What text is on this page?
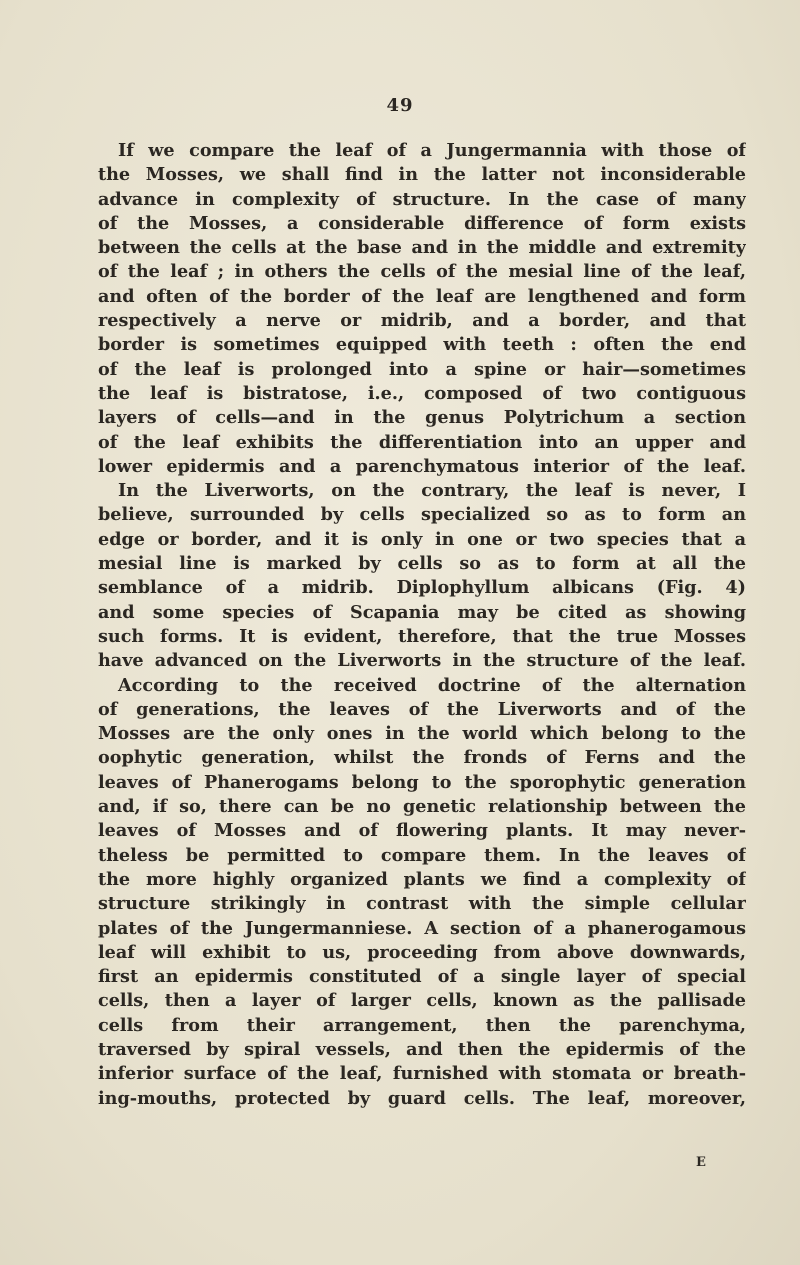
49
If we compare the leaf of a Jungermannia with those of
the Mosses, we shall find in the latter not inconsiderable
advance in complexity of structure. In the case of many
of the Mosses, a considerable difference of form exists
between the cells at the base and in the middle and extremity
of the leaf ; in others the cells of the mesial line of the leaf,
and often of the border of the leaf are lengthened and form
respectively a nerve or midrib, and a border, and that
border is sometimes equipped with teeth : often the end
of the leaf is prolonged into a spine or hair—sometimes
the leaf is bistratose, i.e., composed of two contiguous
layers of cells—and in the genus Polytrichum a section
of the leaf exhibits the differentiation into an upper and
lower epidermis and a parenchymatous interior of the leaf.
In the Liverworts, on the contrary, the leaf is never, I
believe, surrounded by cells specialized so as to form an
edge or border, and it is only in one or two species that a
mesial line is marked by cells so as to form at all the
semblance of a midrib. Diplophyllum albicans (Fig. 4)
and some species of Scapania may be cited as showing
such forms. It is evident, therefore, that the true Mosses
have advanced on the Liverworts in the structure of the leaf.
According to the received doctrine of the alternation
of generations, the leaves of the Liverworts and of the
Mosses are the only ones in the world which belong to the
oophytic generation, whilst the fronds of Ferns and the
leaves of Phanerogams belong to the sporophytic generation
and, if so, there can be no genetic relationship between the
leaves of Mosses and of flowering plants. It may never-
theless be permitted to compare them. In the leaves of
the more highly organized plants we find a complexity of
structure strikingly in contrast with the simple cellular
plates of the Jungermanniese. A section of a phanerogamous
leaf will exhibit to us, proceeding from above downwards,
first an epidermis constituted of a single layer of special
cells, then a layer of larger cells, known as the pallisade
cells from their arrangement, then the parenchyma,
traversed by spiral vessels, and then the epidermis of the
inferior surface of the leaf, furnished with stomata or breath-
ing-mouths, protected by guard cells. The leaf, moreover,
E
